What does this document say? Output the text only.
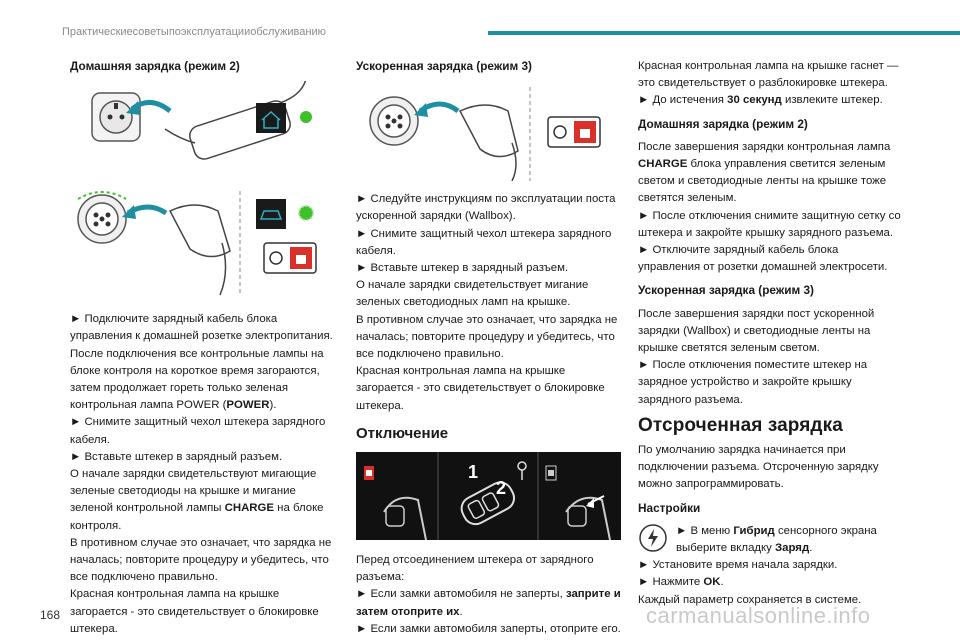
Практическиесоветыпоэксплуатацииобслуживанию
Домашняя зарядка (режим 2)

► Подключите зарядный кабель блока управления к домашней розетке электропитания.

После подключения все контрольные лампы на блоке контроля на короткое время загораются, затем продолжает гореть только зеленая контрольная лампа POWER (POWER).

► Снимите защитный чехол штекера зарядного кабеля.

► Вставьте штекер в зарядный разъем.

О начале зарядки свидетельствуют мигающие зеленые светодиоды на крышке и мигание зеленой контрольной лампы CHARGE на блоке контроля.

В противном случае это означает, что зарядка не началась; повторите процедуру и убедитесь, что все подключено правильно.

Красная контрольная лампа на крышке загорается - это свидетельствует о блокировке штекера.

Ускоренная зарядка (режим 3)

► Следуйте инструкциям по эксплуатации поста ускоренной зарядки (Wallbox).

► Снимите защитный чехол штекера зарядного кабеля.

► Вставьте штекер в зарядный разъем.

О начале зарядки свидетельствует мигание зеленых светодиодных ламп на крышке.

В противном случае это означает, что зарядка не началась; повторите процедуру и убедитесь, что все подключено правильно.

Красная контрольная лампа на крышке загорается - это свидетельствует о блокировке штекера.

Отключение
1
2

Перед отсоединением штекера от зарядного разъема:

► Если замки автомобиля не заперты, заприте и затем отоприте их.

► Если замки автомобиля заперты, отоприте его.

Красная контрольная лампа на крышке гаснет — это свидетельствует о разблокировке штекера.

► До истечения 30 секунд извлеките штекер.

Домашняя зарядка (режим 2)

После завершения зарядки контрольная лампа CHARGE блока управления светится зеленым светом и светодиодные ленты на крышке тоже светятся зеленым.

► После отключения снимите защитную сетку со штекера и закройте крышку зарядного разъема.

► Отключите зарядный кабель блока управления от розетки домашней электросети.

Ускоренная зарядка (режим 3)

После завершения зарядки пост ускоренной зарядки (Wallbox) и светодиодные ленты на крышке светятся зеленым светом.

► После отключения поместите штекер на зарядное устройство и закройте крышку зарядного разъема.

Отсроченная зарядка

По умолчанию зарядка начинается при подключении разъема. Отсроченную зарядку можно запрограммировать.

Настройки

► В меню Гибрид сенсорного экрана выберите вкладку Заряд.

► Установите время начала зарядки.

► Нажмите OK.

Каждый параметр сохраняется в системе.

168	carmanualsonline.info
